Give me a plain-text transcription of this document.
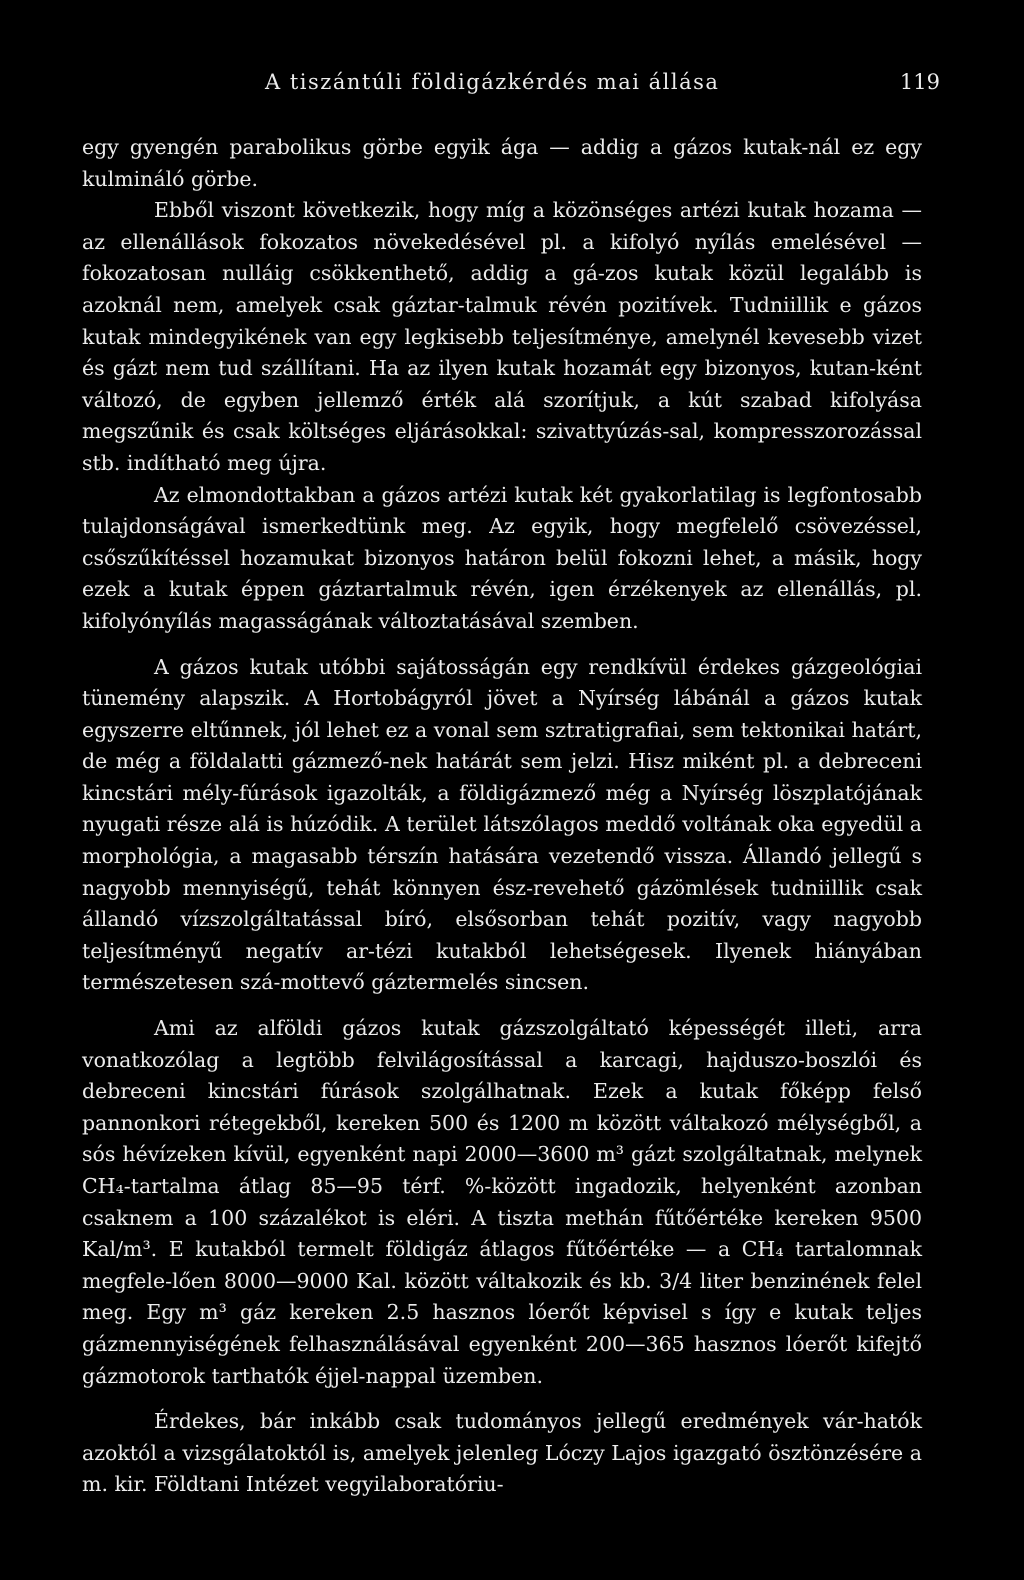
A tiszántúli földigázkérdés mai állása	119

egy gyengén parabolikus görbe egyik ága — addig a gázos kutak-nál ez egy kulmináló görbe.

Ebből viszont következik, hogy míg a közönséges artézi kutak hozama — az ellenállások fokozatos növekedésével pl. a kifolyó nyílás emelésével — fokozatosan nulláig csökkenthető, addig a gá-zos kutak közül legalább is azoknál nem, amelyek csak gáztar-talmuk révén pozitívek. Tudniillik e gázos kutak mindegyikének van egy legkisebb teljesítménye, amelynél kevesebb vizet és gázt nem tud szállítani. Ha az ilyen kutak hozamát egy bizonyos, kutan-ként változó, de egyben jellemző érték alá szorítjuk, a kút szabad kifolyása megszűnik és csak költséges eljárásokkal: szivattyúzás-sal, kompresszorozással stb. indítható meg újra.

Az elmondottakban a gázos artézi kutak két gyakorlatilag is legfontosabb tulajdonságával ismerkedtünk meg. Az egyik, hogy megfelelő csövezéssel, csőszűkítéssel hozamukat bizonyos határon belül fokozni lehet, a másik, hogy ezek a kutak éppen gáztartalmuk révén, igen érzékenyek az ellenállás, pl. kifolyónyílás magasságának változtatásával szemben.

A gázos kutak utóbbi sajátosságán egy rendkívül érdekes gázgeológiai tünemény alapszik. A Hortobágyról jövet a Nyírség lábánál a gázos kutak egyszerre eltűnnek, jól lehet ez a vonal sem sztratigrafiai, sem tektonikai határt, de még a földalatti gázmező-nek határát sem jelzi. Hisz miként pl. a debreceni kincstári mély-fúrások igazolták, a földigázmező még a Nyírség löszplatójának nyugati része alá is húzódik. A terület látszólagos meddő voltának oka egyedül a morphológia, a magasabb térszín hatására vezetendő vissza. Állandó jellegű s nagyobb mennyiségű, tehát könnyen ész-revehető gázömlések tudniillik csak állandó vízszolgáltatással bíró, elsősorban tehát pozitív, vagy nagyobb teljesítményű negatív ar-tézi kutakból lehetségesek. Ilyenek hiányában természetesen szá-mottevő gáztermelés sincsen.

Ami az alföldi gázos kutak gázszolgáltató képességét illeti, arra vonatkozólag a legtöbb felvilágosítással a karcagi, hajduszo-boszlói és debreceni kincstári fúrások szolgálhatnak. Ezek a kutak főképp felső pannonkori rétegekből, kereken 500 és 1200 m között váltakozó mélységből, a sós hévízeken kívül, egyenként napi 2000—3600 m³ gázt szolgáltatnak, melynek CH₄-tartalma átlag 85—95 térf. %-között ingadozik, helyenként azonban csaknem a 100 százalékot is eléri. A tiszta methán fűtőértéke kereken 9500 Kal/m³. E kutakból termelt földigáz átlagos fűtőértéke — a CH₄ tartalomnak megfele-lően 8000—9000 Kal. között váltakozik és kb. 3/4 liter benzinének felel meg. Egy m³ gáz kereken 2.5 hasznos lóerőt képvisel s így e kutak teljes gázmennyiségének felhasználásával egyenként 200—365 hasznos lóerőt kifejtő gázmotorok tarthatók éjjel-nappal üzemben.

Érdekes, bár inkább csak tudományos jellegű eredmények vár-hatók azoktól a vizsgálatoktól is, amelyek jelenleg Lóczy Lajos igazgató ösztönzésére a m. kir. Földtani Intézet vegyilaboratóriu-
